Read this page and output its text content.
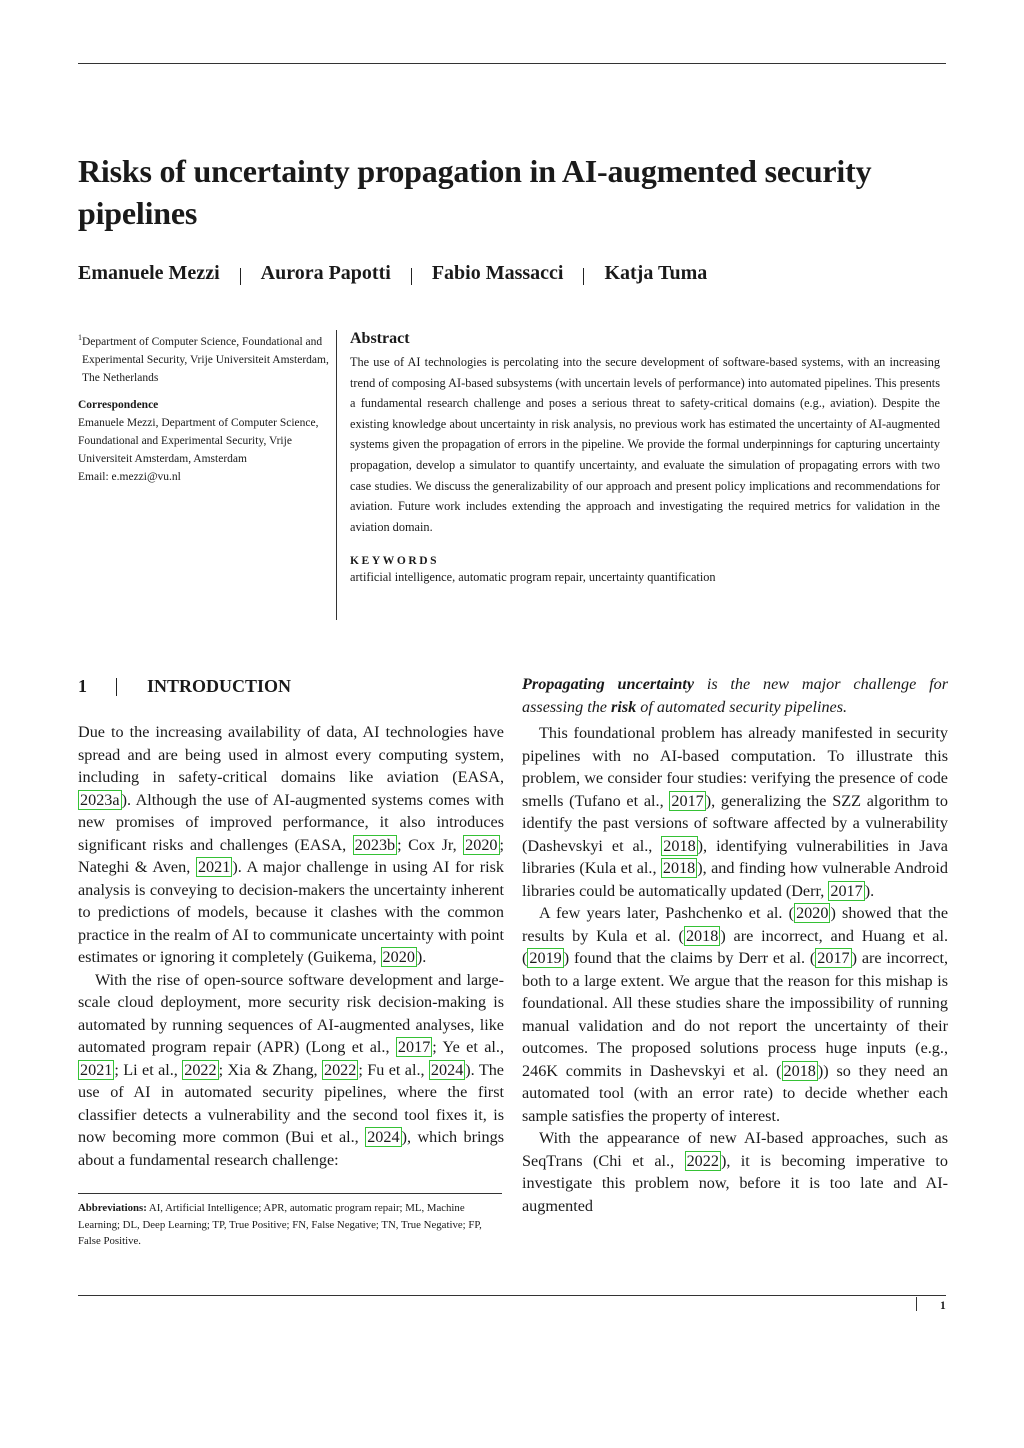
Risks of uncertainty propagation in AI-augmented security pipelines
Emanuele Mezzi Aurora Papotti Fabio Massacci Katja Tuma
$^1$Department of Computer Science, Foundational and Experimental Security, Vrije Universiteit Amsterdam, The Netherlands
Correspondence
Emanuele Mezzi, Department of Computer Science, Foundational and Experimental Security, Vrije Universiteit Amsterdam, Amsterdam
Email: e.mezzi@vu.nl
Abstract
The use of AI technologies is percolating into the secure development of software-based systems, with an increasing trend of composing AI-based subsystems (with uncertain levels of performance) into automated pipelines. This presents a fundamental research challenge and poses a serious threat to safety-critical domains (e.g., aviation). Despite the existing knowledge about uncertainty in risk analysis, no previous work has estimated the uncertainty of AI-augmented systems given the propagation of errors in the pipeline. We provide the formal underpinnings for capturing uncertainty propagation, develop a simulator to quantify uncertainty, and evaluate the simulation of propagating errors with two case studies. We discuss the generalizability of our approach and present policy implications and recommendations for aviation. Future work includes extending the approach and investigating the required metrics for validation in the aviation domain.
KEYWORDS
artificial intelligence, automatic program repair, uncertainty quantification
1	INTRODUCTION

Due to the increasing availability of data, AI technologies have spread and are being used in almost every computing system, including in safety-critical domains like aviation (EASA, 2023a ). Although the use of AI-augmented systems comes with new promises of improved performance, it also introduces significant risks and challenges (EASA, 2023b ; Cox Jr, 2020 ; Nateghi & Aven, 2021 ). A major challenge in using AI for risk analysis is conveying to decision-makers the uncertainty inherent to predictions of models, because it clashes with the common practice in the realm of AI to communicate uncertainty with point estimates or ignoring it completely (Guikema, 2020 ).

With the rise of open-source software development and large-scale cloud deployment, more security risk decision-making is automated by running sequences of AI-augmented analyses, like automated program repair (APR) (Long et al., 2017 ; Ye et al., 2021 ; Li et al., 2022 ; Xia & Zhang, 2022 ; Fu et al., 2024 ). The use of AI in automated security pipelines, where the first classifier detects a vulnerability and the second tool fixes it, is now becoming more common (Bui et al., 2024 ), which brings about a fundamental research challenge:

Abbreviations: AI, Artificial Intelligence; APR, automatic program repair; ML, Machine Learning; DL, Deep Learning; TP, True Positive; FN, False Negative; TN, True Negative; FP, False Positive.

Propagating uncertainty is the new major challenge for assessing the risk of automated security pipelines.

This foundational problem has already manifested in security pipelines with no AI-based computation. To illustrate this problem, we consider four studies: verifying the presence of code smells (Tufano et al., 2017 ), generalizing the SZZ algorithm to identify the past versions of software affected by a vulnerability (Dashevskyi et al., 2018 ), identifying vulnerabilities in Java libraries (Kula et al., 2018 ), and finding how vulnerable Android libraries could be automatically updated (Derr, 2017 ).

A few years later, Pashchenko et al. ( 2020 ) showed that the results by Kula et al. ( 2018 ) are incorrect, and Huang et al. ( 2019 ) found that the claims by Derr et al. ( 2017 ) are incorrect, both to a large extent. We argue that the reason for this mishap is foundational. All these studies share the impossibility of running manual validation and do not report the uncertainty of their outcomes. The proposed solutions process huge inputs (e.g., 246K commits in Dashevskyi et al. ( 2018 )) so they need an automated tool (with an error rate) to decide whether each sample satisfies the property of interest.

With the appearance of new AI-based approaches, such as SeqTrans (Chi et al., 2022 ), it is becoming imperative to investigate this problem now, before it is too late and AI-augmented

1
